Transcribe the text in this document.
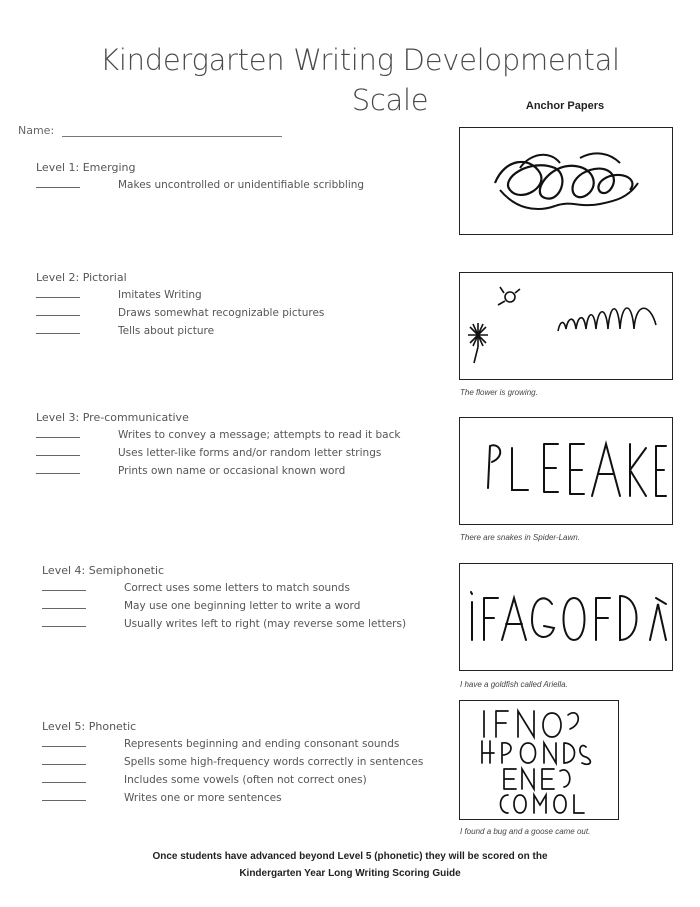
Kindergarten Writing Developmental
Scale	Anchor Papers
Name:
Level 1: Emerging
Makes uncontrolled or unidentifiable scribbling
Level 2: Pictorial
Imitates Writing
Draws somewhat recognizable pictures
Tells about picture
Level 3: Pre-communicative
Writes to convey a message; attempts to read it back
Uses letter-like forms and/or random letter strings
Prints own name or occasional known word
Level 4: Semiphonetic
Correct uses some letters to match sounds
May use one beginning letter to write a word
Usually writes left to right (may reverse some letters)
Level 5: Phonetic
Represents beginning and ending consonant sounds
Spells some high-frequency words correctly in sentences
Includes some vowels (often not correct ones)
Writes one or more sentences
The flower is growing.
There are snakes in Spider-Lawn.
I have a goldfish called Ariella.
I found a bug and a goose came out.
Once students have advanced beyond Level 5 (phonetic) they will be scored on the
Kindergarten Year Long Writing Scoring Guide
